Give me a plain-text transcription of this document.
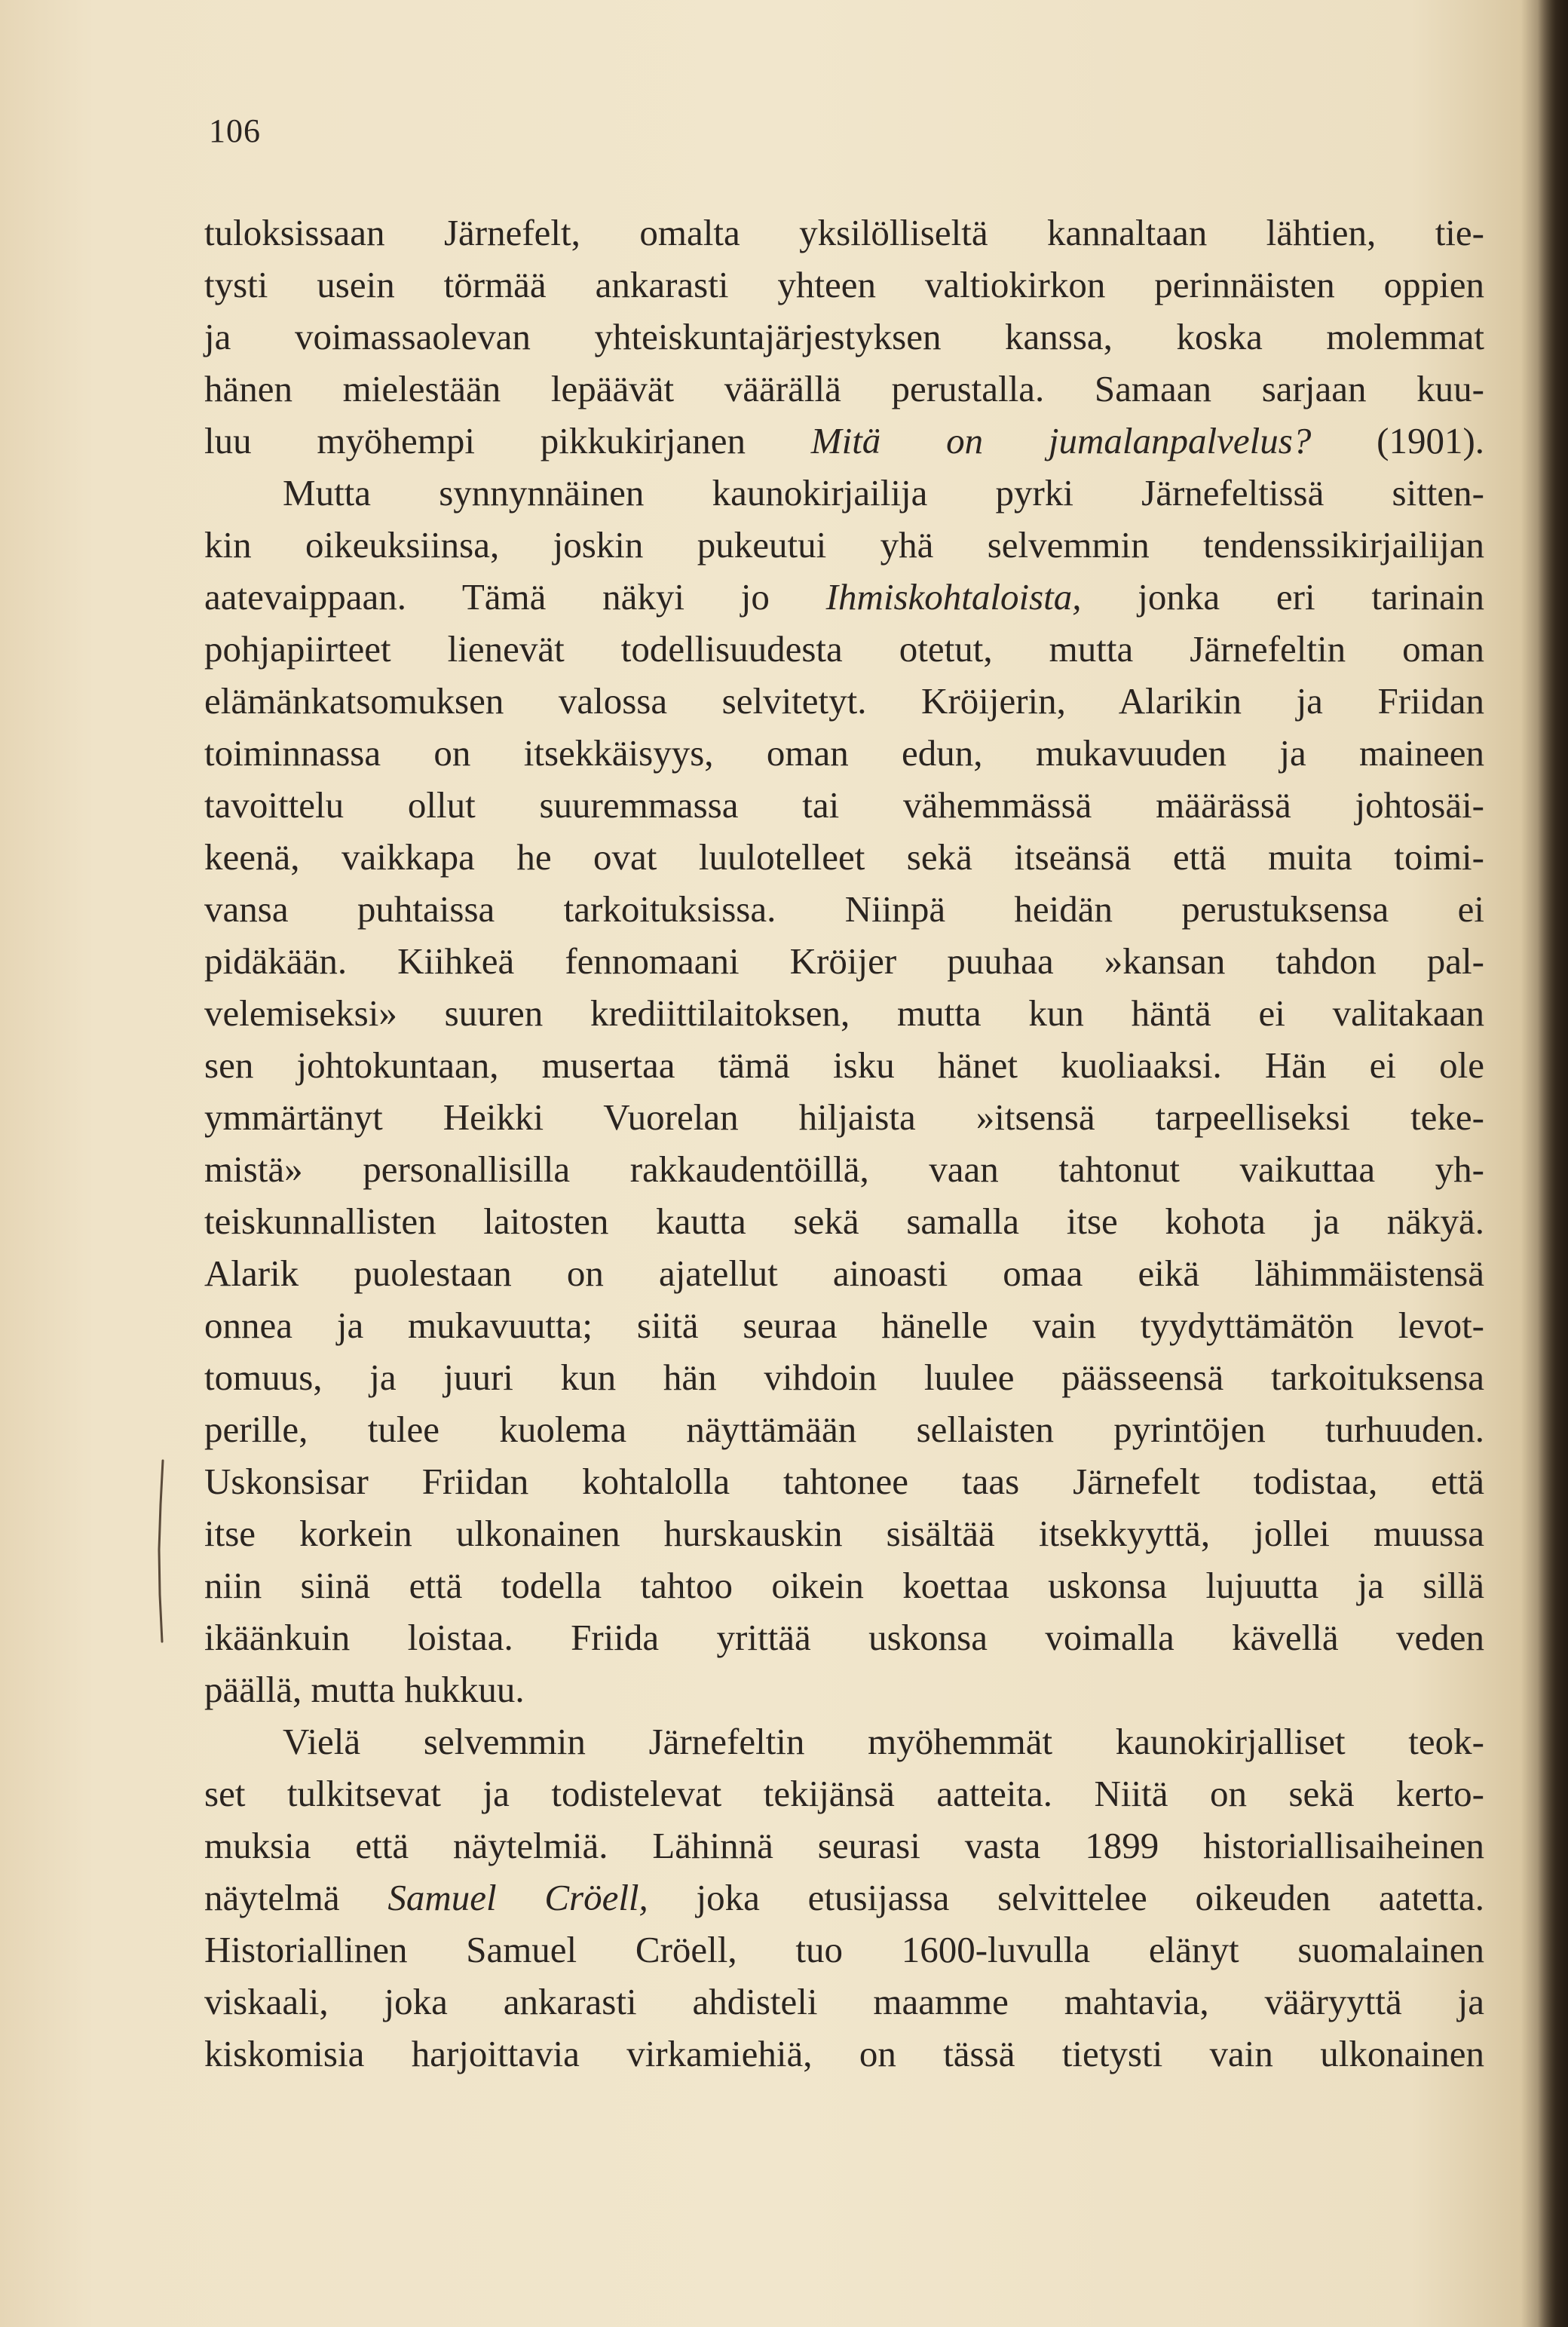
106
tuloksissaan Järnefelt, omalta yksilölliseltä kannaltaan lähtien, tie-
tysti usein törmää ankarasti yhteen valtiokirkon perinnäisten oppien
ja voimassaolevan yhteiskuntajärjestyksen kanssa, koska molemmat
hänen mielestään lepäävät väärällä perustalla. Samaan sarjaan kuu-
luu myöhempi pikkukirjanen Mitä on jumalanpalvelus? (1901).
Mutta synnynnäinen kaunokirjailija pyrki Järnefeltissä sitten-
kin oikeuksiinsa, joskin pukeutui yhä selvemmin tendenssikirjailijan
aatevaippaan. Tämä näkyi jo Ihmiskohtaloista, jonka eri tarinain
pohjapiirteet lienevät todellisuudesta otetut, mutta Järnefeltin oman
elämänkatsomuksen valossa selvitetyt. Kröijerin, Alarikin ja Friidan
toiminnassa on itsekkäisyys, oman edun, mukavuuden ja maineen
tavoittelu ollut suuremmassa tai vähemmässä määrässä johtosäi-
keenä, vaikkapa he ovat luulotelleet sekä itseänsä että muita toimi-
vansa puhtaissa tarkoituksissa. Niinpä heidän perustuksensa ei
pidäkään. Kiihkeä fennomaani Kröijer puuhaa »kansan tahdon pal-
velemiseksi» suuren krediittilaitoksen, mutta kun häntä ei valitakaan
sen johtokuntaan, musertaa tämä isku hänet kuoliaaksi. Hän ei ole
ymmärtänyt Heikki Vuorelan hiljaista »itsensä tarpeelliseksi teke-
mistä» personallisilla rakkaudentöillä, vaan tahtonut vaikuttaa yh-
teiskunnallisten laitosten kautta sekä samalla itse kohota ja näkyä.
Alarik puolestaan on ajatellut ainoasti omaa eikä lähimmäistensä
onnea ja mukavuutta; siitä seuraa hänelle vain tyydyttämätön levot-
tomuus, ja juuri kun hän vihdoin luulee päässeensä tarkoituksensa
perille, tulee kuolema näyttämään sellaisten pyrintöjen turhuuden.
Uskonsisar Friidan kohtalolla tahtonee taas Järnefelt todistaa, että
itse korkein ulkonainen hurskauskin sisältää itsekkyyttä, jollei muussa
niin siinä että todella tahtoo oikein koettaa uskonsa lujuutta ja sillä
ikäänkuin loistaa. Friida yrittää uskonsa voimalla kävellä veden
päällä, mutta hukkuu.
Vielä selvemmin Järnefeltin myöhemmät kaunokirjalliset teok-
set tulkitsevat ja todistelevat tekijänsä aatteita. Niitä on sekä kerto-
muksia että näytelmiä. Lähinnä seurasi vasta 1899 historiallisaiheinen
näytelmä Samuel Cröell, joka etusijassa selvittelee oikeuden aatetta.
Historiallinen Samuel Cröell, tuo 1600-luvulla elänyt suomalainen
viskaali, joka ankarasti ahdisteli maamme mahtavia, vääryyttä ja
kiskomisia harjoittavia virkamiehiä, on tässä tietysti vain ulkonainen
